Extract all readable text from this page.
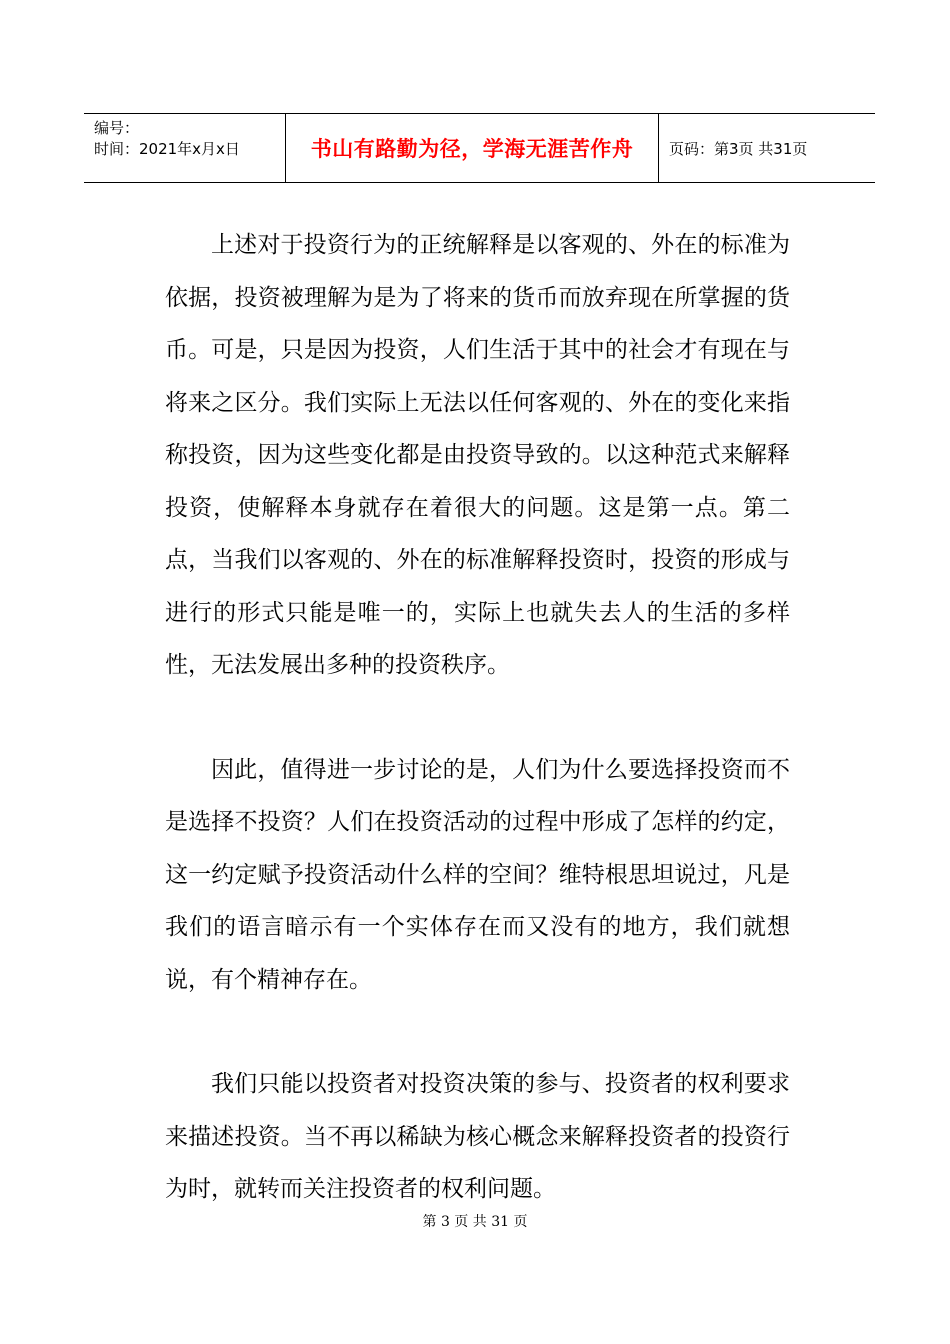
编号：
时间：2021年x月x日	书山有路勤为径，学海无涯苦作舟 页码：第3页 共31页

上述对于投资行为的正统解释是以客观的、外在的标准为依据，投资被理解为是为了将来的货币而放弃现在所掌握的货币。可是，只是因为投资，人们生活于其中的社会才有现在与将来之区分。我们实际上无法以任何客观的、外在的变化来指称投资，因为这些变化都是由投资导致的。以这种范式来解释投资，使解释本身就存在着很大的问题。这是第一点。第二点，当我们以客观的、外在的标准解释投资时，投资的形成与进行的形式只能是唯一的，实际上也就失去人的生活的多样性，无法发展出多种的投资秩序。

因此，值得进一步讨论的是，人们为什么要选择投资而不是选择不投资？人们在投资活动的过程中形成了怎样的约定，这一约定赋予投资活动什么样的空间？维特根思坦说过，凡是我们的语言暗示有一个实体存在而又没有的地方，我们就想说，有个精神存在。

我们只能以投资者对投资决策的参与、投资者的权利要求来描述投资。当不再以稀缺为核心概念来解释投资者的投资行为时，就转而关注投资者的权利问题。

第 3 页 共 31 页
